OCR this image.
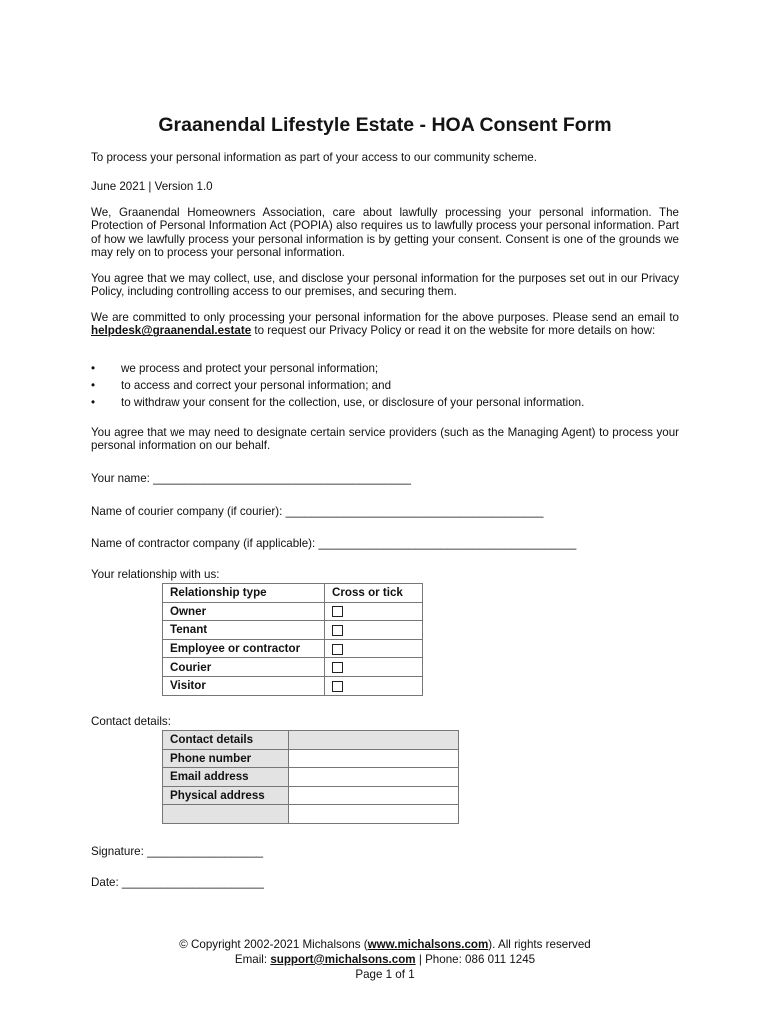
Graanendal Lifestyle Estate - HOA Consent Form

To process your personal information as part of your access to our community scheme.

June 2021 | Version 1.0

We, Graanendal Homeowners Association, care about lawfully processing your personal information. The Protection of Personal Information Act (POPIA) also requires us to lawfully process your personal information. Part of how we lawfully process your personal information is by getting your consent. Consent is one of the grounds we may rely on to process your personal information.

You agree that we may collect, use, and disclose your personal information for the purposes set out in our Privacy Policy, including controlling access to our premises, and securing them.

We are committed to only processing your personal information for the above purposes. Please send an email to helpdesk@graanendal.estate to request our Privacy Policy or read it on the website for more details on how:

• we process and protect your personal information;
• to access and correct your personal information; and
• to withdraw your consent for the collection, use, or disclosure of your personal information.

You agree that we may need to designate certain service providers (such as the Managing Agent) to process your personal information on our behalf.

Your name: ________________________________________

Name of courier company (if courier): ________________________________________

Name of contractor company (if applicable): ________________________________________

Your relationship with us:

Relationship type	Cross or tick
Owner	
Tenant	
Employee or contractor	
Courier	
Visitor	

Contact details:

Contact details	
Phone number	
Email address	
Physical address	

Signature: __________________

Date: ______________________

© Copyright 2002-2021 Michalsons (www.michalsons.com). All rights reserved
Email: support@michalsons.com | Phone: 086 011 1245
Page 1 of 1
